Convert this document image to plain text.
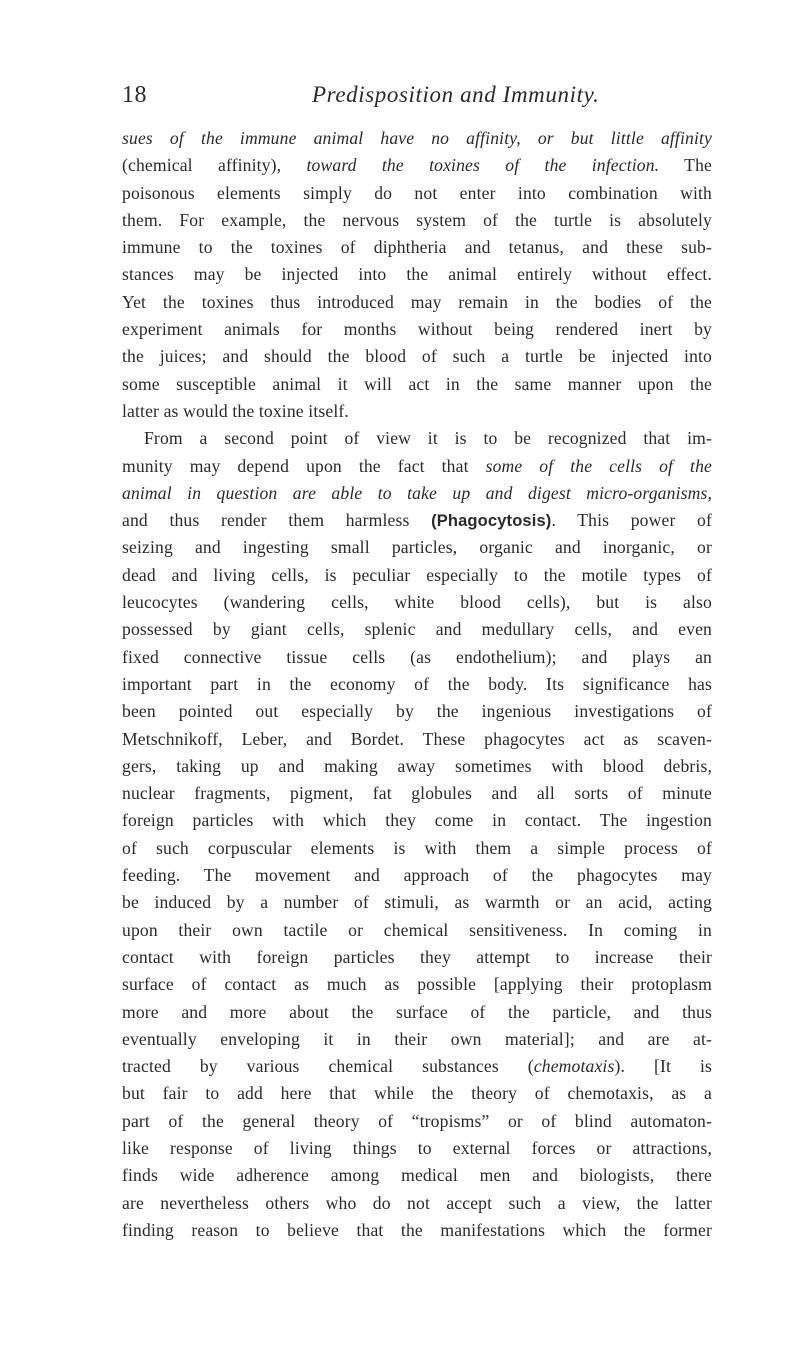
18	Predisposition and Immunity.
sues of the immune animal have no affinity, or but little affinity
(chemical affinity), toward the toxines of the infection. The
poisonous elements simply do not enter into combination with
them. For example, the nervous system of the turtle is absolutely
immune to the toxines of diphtheria and tetanus, and these sub-
stances may be injected into the animal entirely without effect.
Yet the toxines thus introduced may remain in the bodies of the
experiment animals for months without being rendered inert by
the juices; and should the blood of such a turtle be injected into
some susceptible animal it will act in the same manner upon the
latter as would the toxine itself.
From a second point of view it is to be recognized that im-
munity may depend upon the fact that some of the cells of the
animal in question are able to take up and digest micro-organisms,
and thus render them harmless (Phagocytosis). This power of
seizing and ingesting small particles, organic and inorganic, or
dead and living cells, is peculiar especially to the motile types of
leucocytes (wandering cells, white blood cells), but is also
possessed by giant cells, splenic and medullary cells, and even
fixed connective tissue cells (as endothelium); and plays an
important part in the economy of the body. Its significance has
been pointed out especially by the ingenious investigations of
Metschnikoff, Leber, and Bordet. These phagocytes act as scaven-
gers, taking up and making away sometimes with blood debris,
nuclear fragments, pigment, fat globules and all sorts of minute
foreign particles with which they come in contact. The ingestion
of such corpuscular elements is with them a simple process of
feeding. The movement and approach of the phagocytes may
be induced by a number of stimuli, as warmth or an acid, acting
upon their own tactile or chemical sensitiveness. In coming in
contact with foreign particles they attempt to increase their
surface of contact as much as possible [applying their protoplasm
more and more about the surface of the particle, and thus
eventually enveloping it in their own material]; and are at-
tracted by various chemical substances (chemotaxis). [It is
but fair to add here that while the theory of chemotaxis, as a
part of the general theory of “tropisms” or of blind automaton-
like response of living things to external forces or attractions,
finds wide adherence among medical men and biologists, there
are nevertheless others who do not accept such a view, the latter
finding reason to believe that the manifestations which the former
